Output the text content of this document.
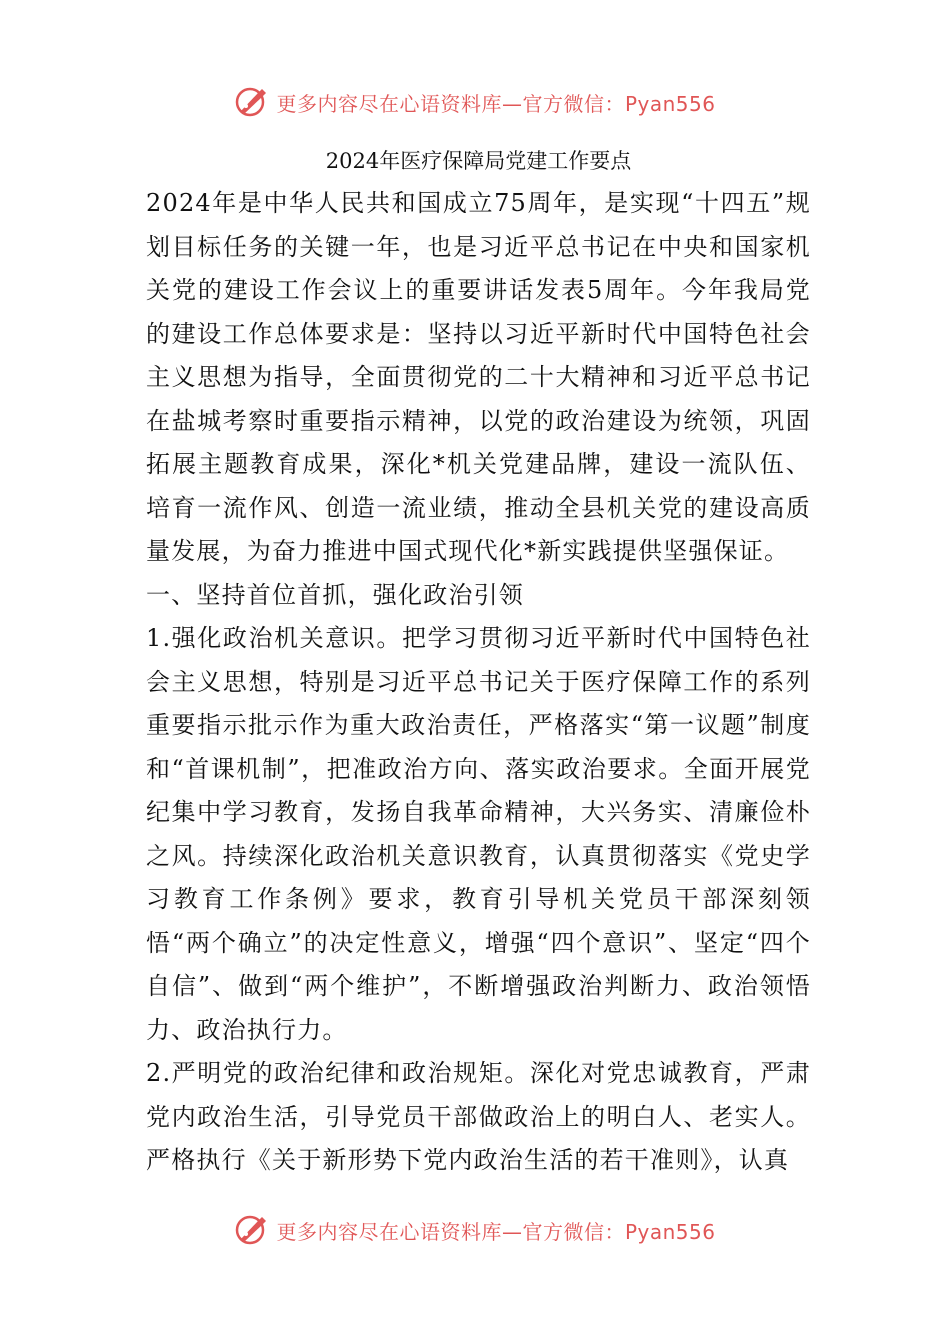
更多内容尽在心语资料库—官方微信：Pyan556
2024年医疗保障局党建工作要点

2024年是中华人民共和国成立75周年，是实现“十四五”规划目标任务的关键一年，也是习近平总书记在中央和国家机关党的建设工作会议上的重要讲话发表5周年。今年我局党的建设工作总体要求是：坚持以习近平新时代中国特色社会主义思想为指导，全面贯彻党的二十大精神和习近平总书记在盐城考察时重要指示精神，以党的政治建设为统领，巩固拓展主题教育成果，深化*机关党建品牌，建设一流队伍、培育一流作风、创造一流业绩，推动全县机关党的建设高质量发展，为奋力推进中国式现代化*新实践提供坚强保证。

一、坚持首位首抓，强化政治引领

1.强化政治机关意识。把学习贯彻习近平新时代中国特色社会主义思想，特别是习近平总书记关于医疗保障工作的系列重要指示批示作为重大政治责任，严格落实“第一议题”制度和“首课机制”，把准政治方向、落实政治要求。全面开展党纪集中学习教育，发扬自我革命精神，大兴务实、清廉俭朴之风。持续深化政治机关意识教育，认真贯彻落实《党史学习教育工作条例》要求，教育引导机关党员干部深刻领悟“两个确立”的决定性意义，增强“四个意识”、坚定“四个自信”、做到“两个维护”，不断增强政治判断力、政治领悟力、政治执行力。

2.严明党的政治纪律和政治规矩。深化对党忠诚教育，严肃党内政治生活，引导党员干部做政治上的明白人、老实人。严格执行《关于新形势下党内政治生活的若干准则》，认真

更多内容尽在心语资料库—官方微信：Pyan556
